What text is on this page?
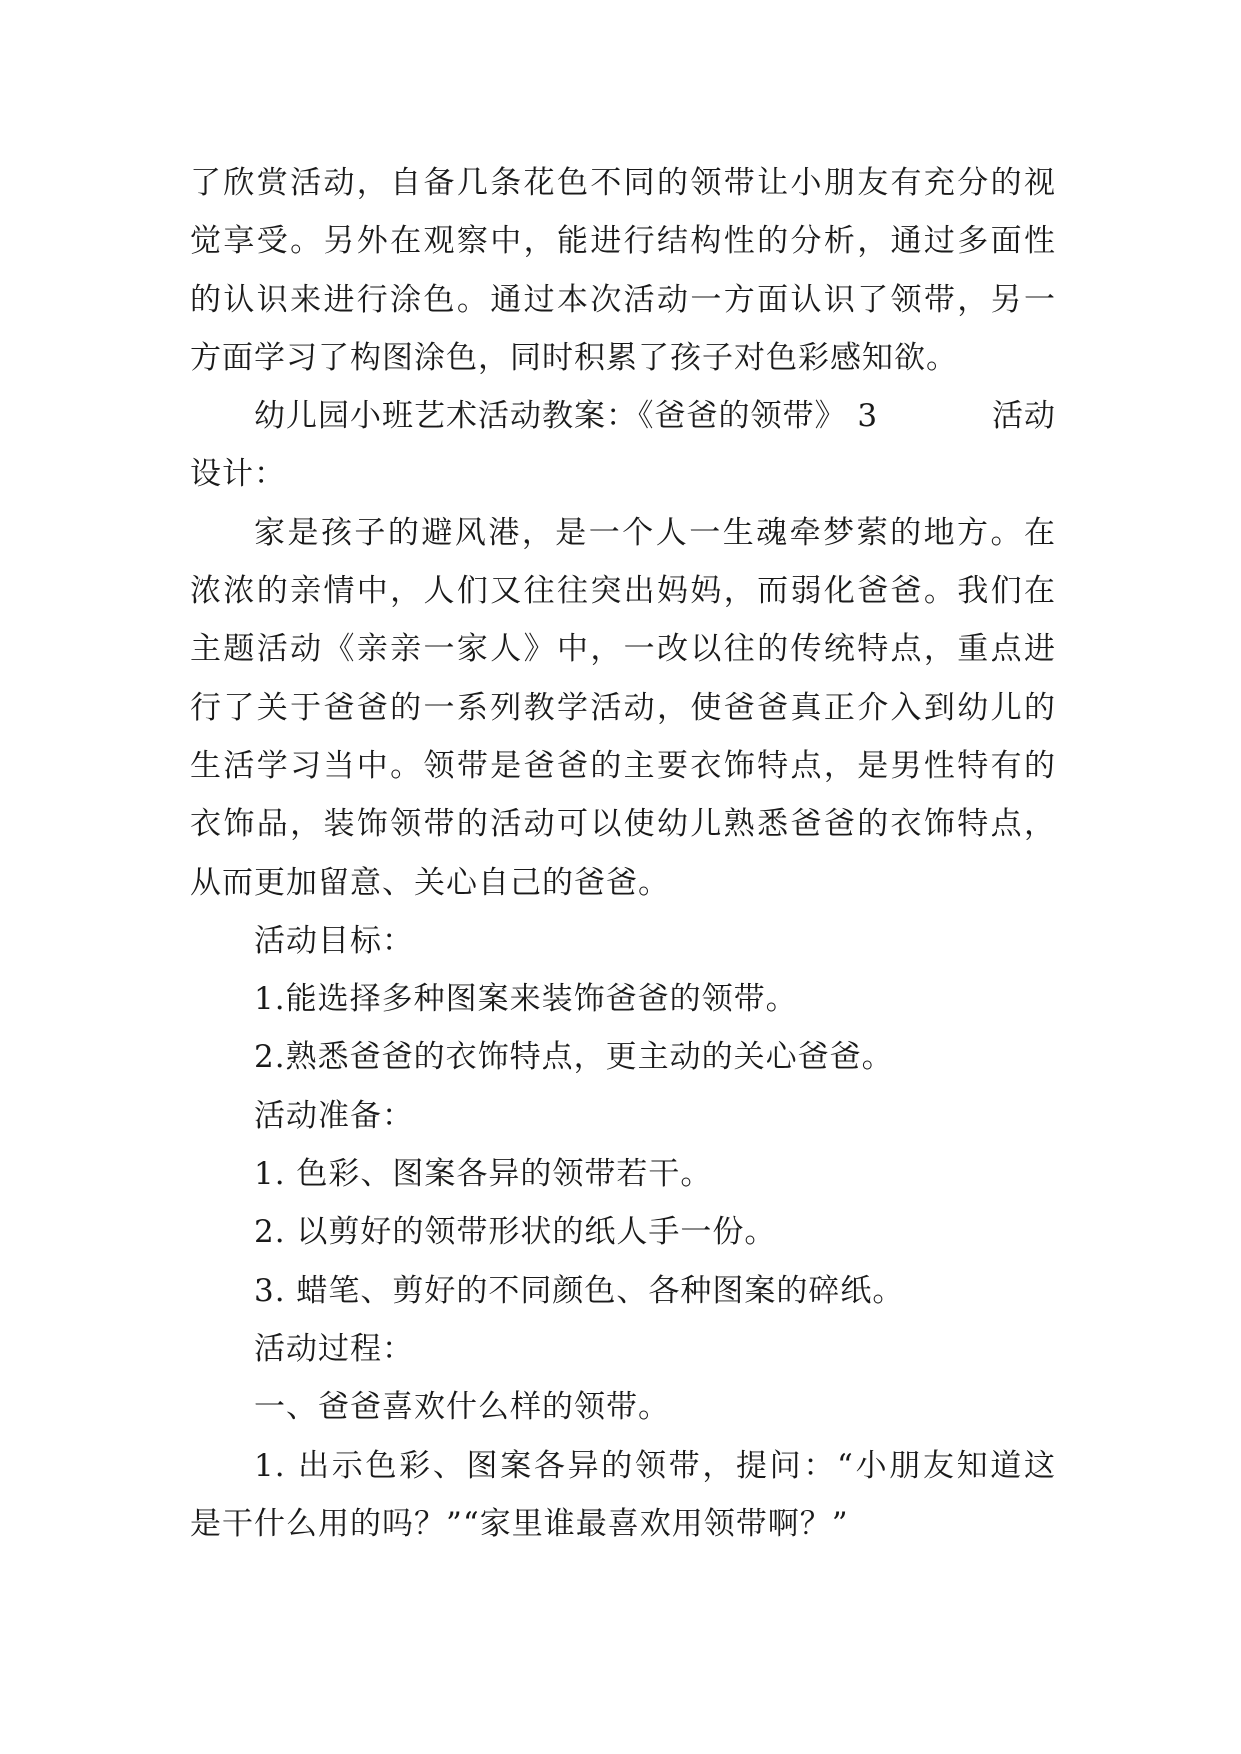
了欣赏活动，自备几条花色不同的领带让小朋友有充分的视
觉享受。另外在观察中，能进行结构性的分析，通过多面性
的认识来进行涂色。通过本次活动一方面认识了领带，另一
方面学习了构图涂色，同时积累了孩子对色彩感知欲。
幼儿园小班艺术活动教案：《爸爸的领带》 3	活动
设计：
家是孩子的避风港，是一个人一生魂牵梦萦的地方。在
浓浓的亲情中，人们又往往突出妈妈，而弱化爸爸。我们在
主题活动《亲亲一家人》中，一改以往的传统特点，重点进
行了关于爸爸的一系列教学活动，使爸爸真正介入到幼儿的
生活学习当中。领带是爸爸的主要衣饰特点，是男性特有的
衣饰品，装饰领带的活动可以使幼儿熟悉爸爸的衣饰特点，
从而更加留意、关心自己的爸爸。
活动目标：
1.能选择多种图案来装饰爸爸的领带。
2.熟悉爸爸的衣饰特点，更主动的关心爸爸。
活动准备：
1. 色彩、图案各异的领带若干。
2. 以剪好的领带形状的纸人手一份。
3. 蜡笔、剪好的不同颜色、各种图案的碎纸。
活动过程：
一、爸爸喜欢什么样的领带。
1. 出示色彩、图案各异的领带，提问：“小朋友知道这
是干什么用的吗？”“家里谁最喜欢用领带啊？”
